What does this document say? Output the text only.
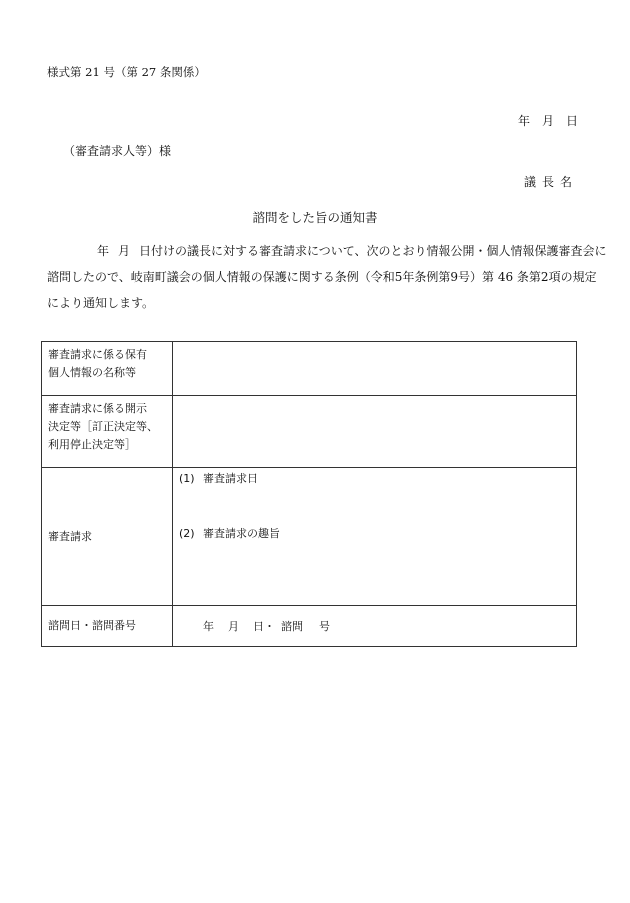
様式第 21 号（第 27 条関係）
年 月 日
（審査請求人等）様
議 長 名
諮問をした旨の通知書
年 月 日付けの議長に対する審査請求について、次のとおり情報公開・個人情報保護審査会に
諮問したので、岐南町議会の個人情報の保護に関する条例（令和5年条例第9号）第 46 条第2項の規定
により通知します。
審査請求に係る保有
個人情報の名称等	

審査請求に係る開示
決定等［訂正決定等、
利用停止決定等］	

審査請求	(1) 審査請求日
(2) 審査請求の趣旨

諮問日・諮問番号	年 月 日・ 諮問 号
